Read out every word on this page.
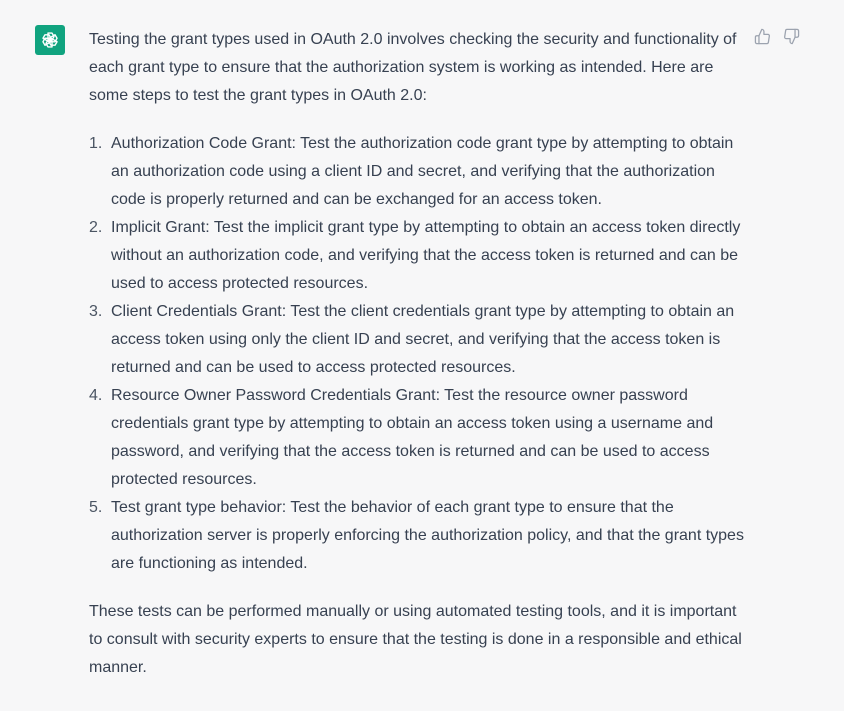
Testing the grant types used in OAuth 2.0 involves checking the security and functionality of each grant type to ensure that the authorization system is working as intended. Here are some steps to test the grant types in OAuth 2.0:

1. Authorization Code Grant: Test the authorization code grant type by attempting to obtain an authorization code using a client ID and secret, and verifying that the authorization code is properly returned and can be exchanged for an access token.
2. Implicit Grant: Test the implicit grant type by attempting to obtain an access token directly without an authorization code, and verifying that the access token is returned and can be used to access protected resources.
3. Client Credentials Grant: Test the client credentials grant type by attempting to obtain an access token using only the client ID and secret, and verifying that the access token is returned and can be used to access protected resources.
4. Resource Owner Password Credentials Grant: Test the resource owner password credentials grant type by attempting to obtain an access token using a username and password, and verifying that the access token is returned and can be used to access protected resources.
5. Test grant type behavior: Test the behavior of each grant type to ensure that the authorization server is properly enforcing the authorization policy, and that the grant types are functioning as intended.

These tests can be performed manually or using automated testing tools, and it is important to consult with security experts to ensure that the testing is done in a responsible and ethical manner.
